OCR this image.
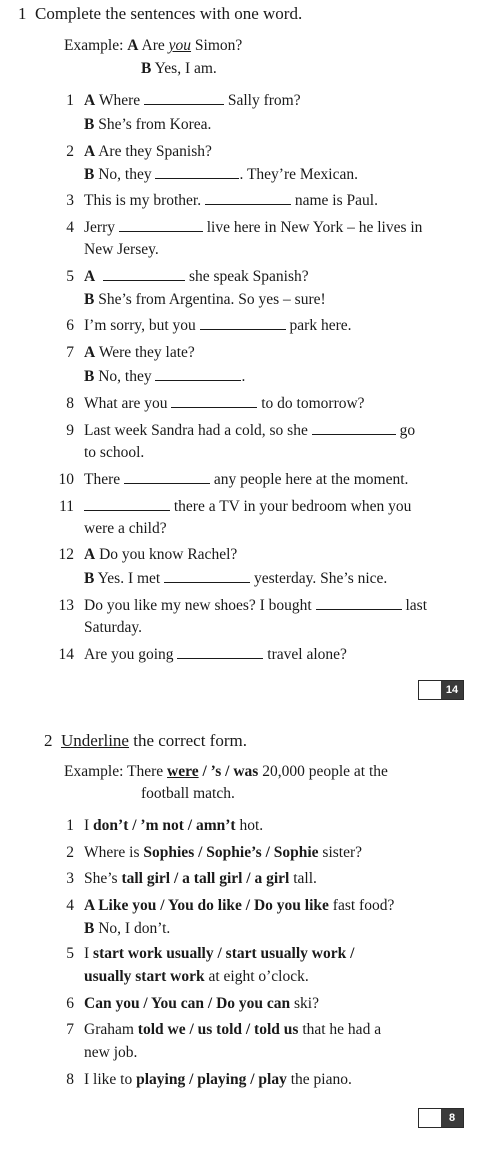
1 Complete the sentences with one word.
Example: A Are you Simon?
B Yes, I am.
1 A Where	Sally from?
B She’s from Korea.
2 A Are they Spanish?
B No, they	. They’re Mexican.
3 This is my brother.	name is Paul.
4 Jerry	live here in New York – he lives in
New Jersey.
5 A	she speak Spanish?
B She’s from Argentina. So yes – sure!
6 I’m sorry, but you	park here.
7 A Were they late?
B No, they	.
8 What are you	to do tomorrow?
9 Last week Sandra had a cold, so she	go
to school.
10 There	any people here at the moment.
11	there a TV in your bedroom when you
were a child?
12 A Do you know Rachel?
B Yes. I met	yesterday. She’s nice.
13 Do you like my new shoes? I bought	last
Saturday.
14 Are you going	travel alone?
14
2 Underline the correct form.
Example: There were / ’s / was 20,000 people at the
football match.
1 I don’t / ’m not / amn’t hot.
2 Where is Sophies / Sophie’s / Sophie sister?
3 She’s tall girl / a tall girl / a girl tall.
4 A Like you / You do like / Do you like fast food?
B No, I don’t.
5 I start work usually / start usually work /
usually start work at eight o’clock.
6 Can you / You can / Do you can ski?
7 Graham told we / us told / told us that he had a
new job.
8 I like to playing / playing / play the piano.
8
